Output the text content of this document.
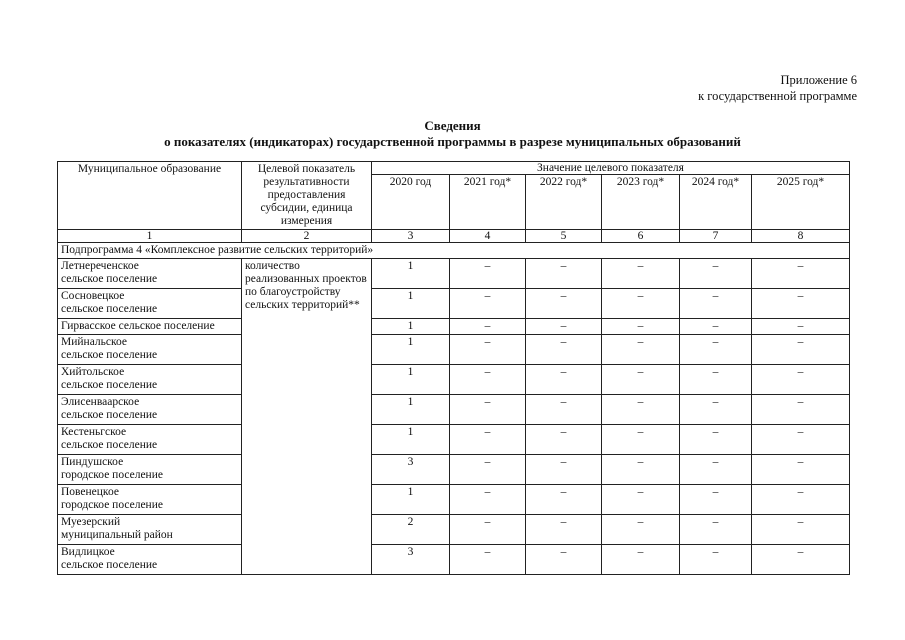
Приложение 6
к государственной программе
Сведения
о показателях (индикаторах) государственной программы в разрезе муниципальных образований
Муниципальное образование	Целевой показатель результативности предоставления субсидии, единица измерения	Значение целевого показателя					
		2020 год	2021 год*	2022 год*	2023 год*	2024 год*	2025 год*
1	2	3	4	5	6	7	8
Подпрограмма 4 «Комплексное развитие сельских территорий»							

Летнереченское
сельское поселение	количество реализованных проектов по благоустройству сельских территорий**	1	–	–	–	–	–

Сосновецкое
сельское поселение		1	–	–	–	–	–

Гирвасское сельское поселение		1	–	–	–	–	–

Мийнальское
сельское поселение		1	–	–	–	–	–

Хийтольское
сельское поселение		1	–	–	–	–	–

Элисенваарское
сельское поселение		1	–	–	–	–	–

Кестеньгское
сельское поселение		1	–	–	–	–	–

Пиндушское
городское поселение		3	–	–	–	–	–

Повенецкое
городское поселение		1	–	–	–	–	–

Муезерский
муниципальный район		2	–	–	–	–	–

Видлицкое
сельское поселение		3	–	–	–	–	–
